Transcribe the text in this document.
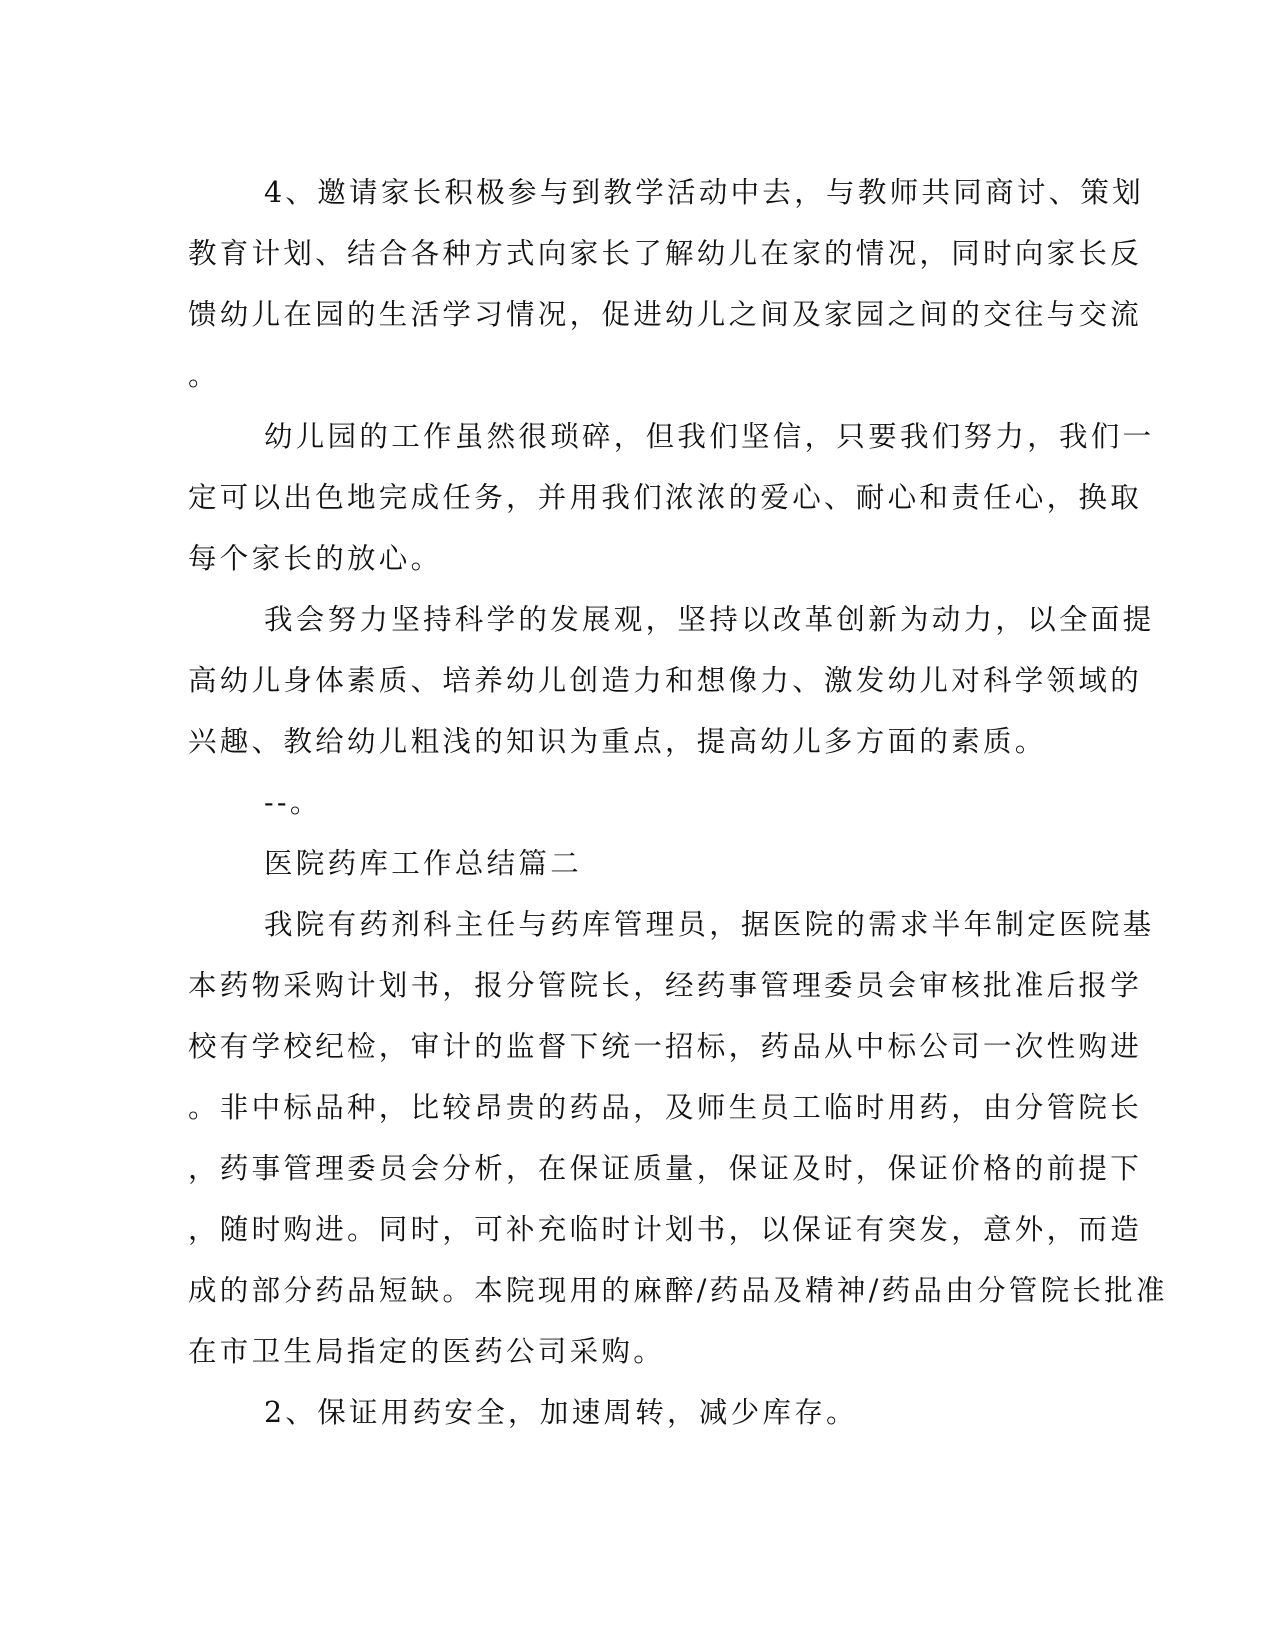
4、邀请家长积极参与到教学活动中去，与教师共同商讨、策划
教育计划、结合各种方式向家长了解幼儿在家的情况，同时向家长反
馈幼儿在园的生活学习情况，促进幼儿之间及家园之间的交往与交流
。
幼儿园的工作虽然很琐碎，但我们坚信，只要我们努力，我们一
定可以出色地完成任务，并用我们浓浓的爱心、耐心和责任心，换取
每个家长的放心。
我会努力坚持科学的发展观，坚持以改革创新为动力，以全面提
高幼儿身体素质、培养幼儿创造力和想像力、激发幼儿对科学领域的
兴趣、教给幼儿粗浅的知识为重点，提高幼儿多方面的素质。
--。
医院药库工作总结篇二
我院有药剂科主任与药库管理员，据医院的需求半年制定医院基
本药物采购计划书，报分管院长，经药事管理委员会审核批准后报学
校有学校纪检，审计的监督下统一招标，药品从中标公司一次性购进
。非中标品种，比较昂贵的药品，及师生员工临时用药，由分管院长
，药事管理委员会分析，在保证质量，保证及时，保证价格的前提下
，随时购进。同时，可补充临时计划书，以保证有突发，意外，而造
成的部分药品短缺。本院现用的麻醉/药品及精神/药品由分管院长批准
在市卫生局指定的医药公司采购。
2、保证用药安全，加速周转，减少库存。
